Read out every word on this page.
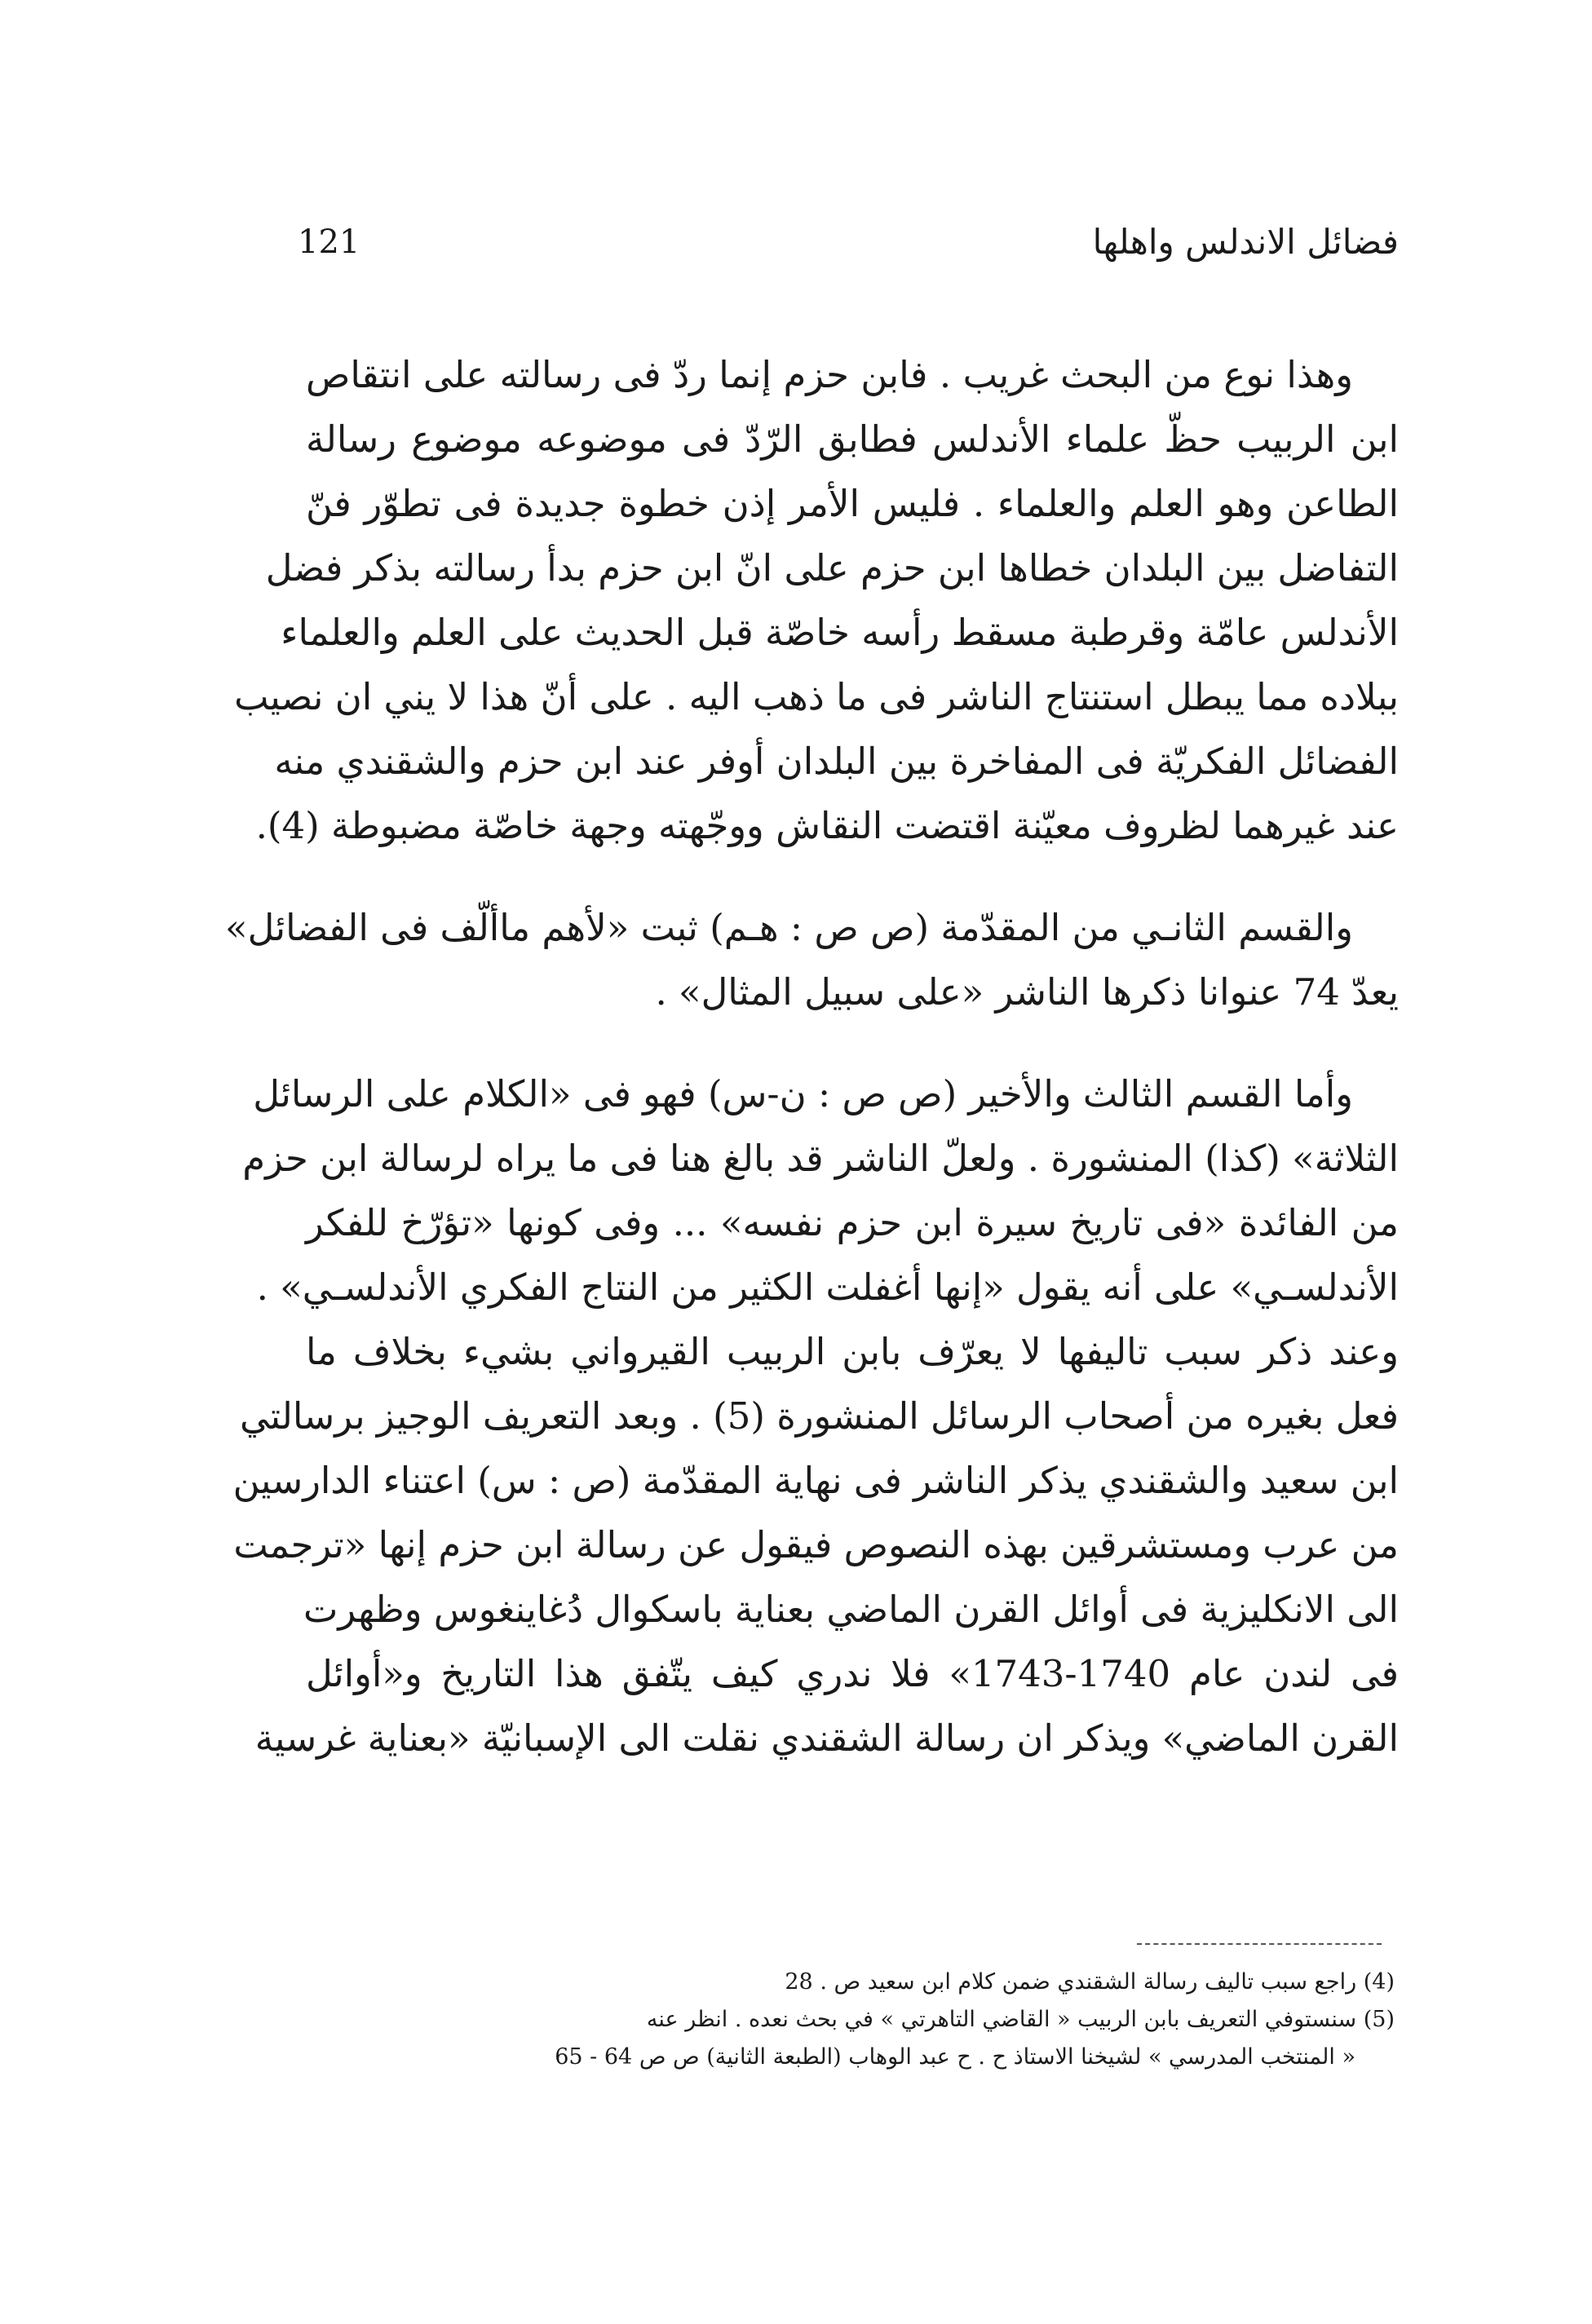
121	فضائل الاندلس واهلها
وهذا نوع من البحث غريب . فابن حزم إنما ردّ فى رسالته على انتقاص
ابن الربيب حظّ علماء الأندلس فطابق الرّدّ فى موضوعه موضوع رسالة
الطاعن وهو العلم والعلماء . فليس الأمر إذن خطوة جديدة فى تطوّر فنّ
التفاضل بين البلدان خطاها ابن حزم على انّ ابن حزم بدأ رسالته بذكر فضل
الأندلس عامّة وقرطبة مسقط رأسه خاصّة قبل الحديث على العلم والعلماء
ببلاده مما يبطل استنتاج الناشر فى ما ذهب اليه . على أنّ هذا لا يني ان نصيب
الفضائل الفكريّة فى المفاخرة بين البلدان أوفر عند ابن حزم والشقندي منه
عند غيرهما لظروف معيّنة اقتضت النقاش ووجّهته وجهة خاصّة مضبوطة (4).
والقسم الثانـي من المقدّمة (ص ص : هـم) ثبت «لأهم ماألّف فى الفضائل»
يعدّ 74 عنوانا ذكرها الناشر «على سبيل المثال» .
وأما القسم الثالث والأخير (ص ص : ن-س) فهو فى «الكلام على الرسائل
الثلاثة» (كذا) المنشورة . ولعلّ الناشر قد بالغ هنا فى ما يراه لرسالة ابن حزم
من الفائدة «فى تاريخ سيرة ابن حزم نفسه» ... وفى كونها «تؤرّخ للفكر
الأندلسـي» على أنه يقول «إنها أغفلت الكثير من النتاج الفكري الأندلسـي» .
وعند ذكر سبب تاليفها لا يعرّف بابن الربيب القيرواني بشيء بخلاف ما
فعل بغيره من أصحاب الرسائل المنشورة (5) . وبعد التعريف الوجيز برسالتي
ابن سعيد والشقندي يذكر الناشر فى نهاية المقدّمة (ص : س) اعتناء الدارسين
من عرب ومستشرقين بهذه النصوص فيقول عن رسالة ابن حزم إنها «ترجمت
الى الانكليزية فى أوائل القرن الماضي بعناية باسكوال دُغاينغوس وظهرت
فى لندن عام 1740-1743» فلا ندري كيف يتّفق هذا التاريخ و«أوائل
القرن الماضي» ويذكر ان رسالة الشقندي نقلت الى الإسبانيّة «بعناية غرسية
(4) راجع سبب تاليف رسالة الشقندي ضمن كلام ابن سعيد ص . 28
(5) سنستوفي التعريف بابن الربيب « القاضي التاهرتي » في بحث نعده . انظر عنه
« المنتخب المدرسي » لشيخنا الاستاذ ح . ح عبد الوهاب (الطبعة الثانية) ص ص 64 - 65
